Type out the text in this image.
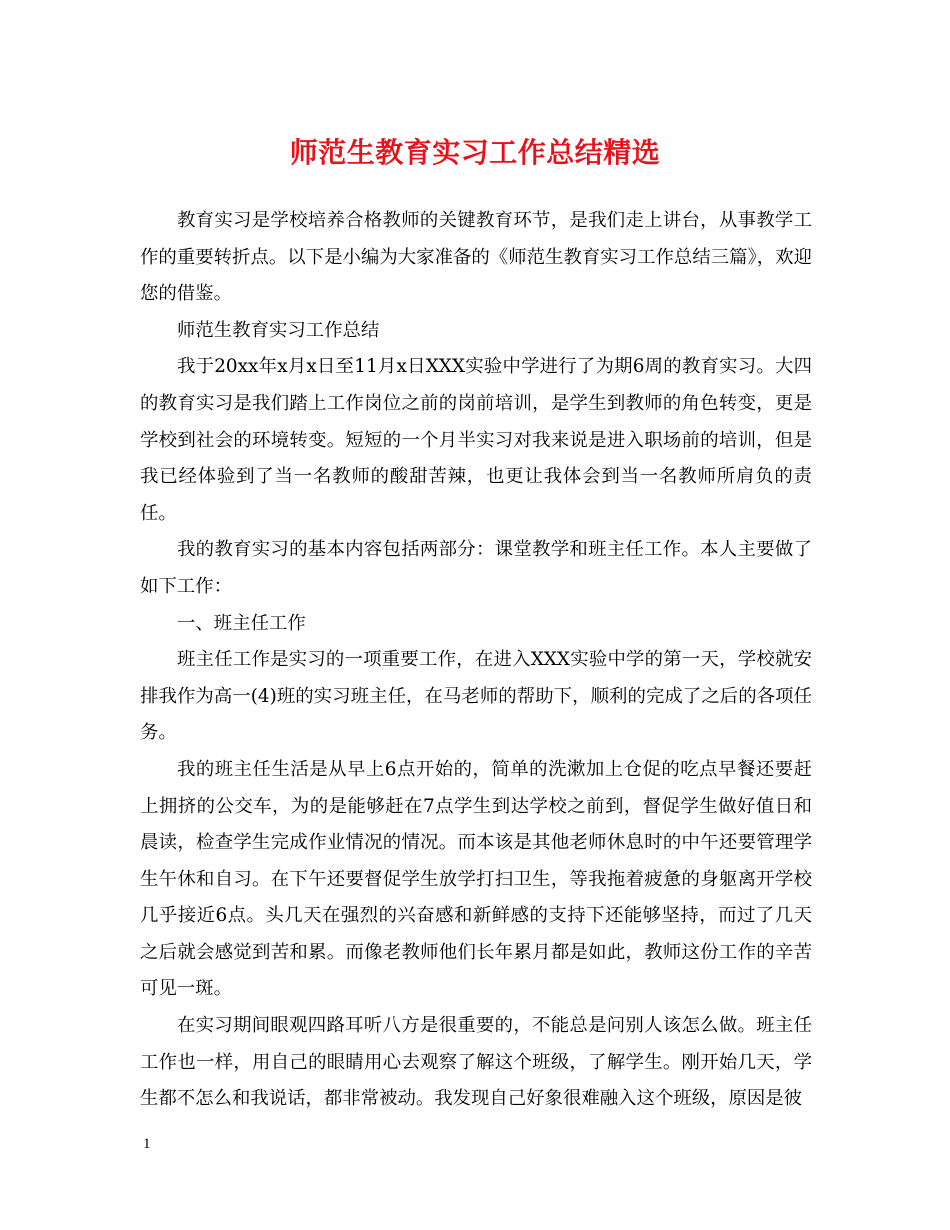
师范生教育实习工作总结精选

教育实习是学校培养合格教师的关键教育环节，是我们走上讲台，从事教学工作的重要转折点。以下是小编为大家准备的《师范生教育实习工作总结三篇》，欢迎您的借鉴。

师范生教育实习工作总结

我于20xx年x月x日至11月x日XXX实验中学进行了为期6周的教育实习。大四的教育实习是我们踏上工作岗位之前的岗前培训，是学生到教师的角色转变，更是学校到社会的环境转变。短短的一个月半实习对我来说是进入职场前的培训，但是我已经体验到了当一名教师的酸甜苦辣，也更让我体会到当一名教师所肩负的责任。

我的教育实习的基本内容包括两部分：课堂教学和班主任工作。本人主要做了如下工作：

一、班主任工作

班主任工作是实习的一项重要工作，在进入XXX实验中学的第一天，学校就安排我作为高一(4)班的实习班主任，在马老师的帮助下，顺利的完成了之后的各项任务。

我的班主任生活是从早上6点开始的，简单的洗漱加上仓促的吃点早餐还要赶上拥挤的公交车，为的是能够赶在7点学生到达学校之前到，督促学生做好值日和晨读，检查学生完成作业情况的情况。而本该是其他老师休息时的中午还要管理学生午休和自习。在下午还要督促学生放学打扫卫生，等我拖着疲惫的身躯离开学校几乎接近6点。头几天在强烈的兴奋感和新鲜感的支持下还能够坚持，而过了几天之后就会感觉到苦和累。而像老教师他们长年累月都是如此，教师这份工作的辛苦可见一斑。

在实习期间眼观四路耳听八方是很重要的，不能总是问别人该怎么做。班主任工作也一样，用自己的眼睛用心去观察了解这个班级，了解学生。刚开始几天，学生都不怎么和我说话，都非常被动。我发现自己好象很难融入这个班级，原因是彼

1
